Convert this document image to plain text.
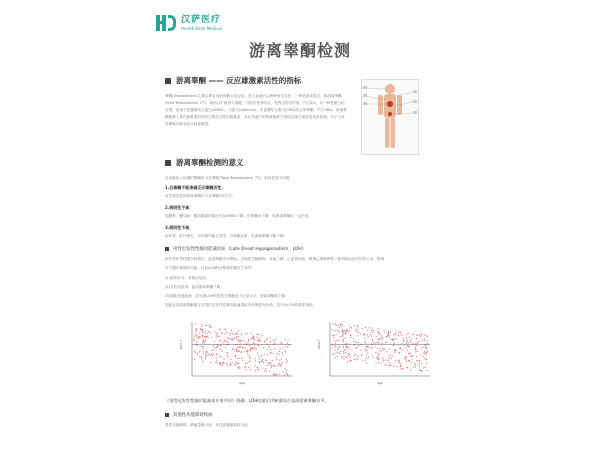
汉萨医疗
Health Bank Medical
游离睾酮检测
游离睾酮 —— 反应雄激素活性的指标
睾酮(Testosterone)主要由睾丸间质细胞合成分泌，进入血液后以两种形式存在：一种是游离形式，即游离睾酮(Free Testosterone, FT)，氧结合扩散进入细胞，与相应受体结合，发挥生物学作用，约占2%，另一种是蛋白结合型，包括与性激素结合蛋白(SHBG)、白蛋白(albumin)、皮质醇结合蛋白(CBG)结合的睾酮，约占98%。游离睾酮能够入体内最重要的具有生物学活性的雄激素，其在体液中的浓度能够不受结合蛋白浓度变化的影响，对于人体性腺轴功能变化反映更敏感。
游离睾酮检测的意义
目前临床上检测的睾酮多为总睾酮(Total Testosterone, TT)，但存在如下问题：
1.总睾酮不能准确反应睾酮活性；
有生物活性的游离睾酮仅占总睾酮2%左右；
2.假阴性不高：
如肥胖、糖尿病、服用激素的情况引起SHBG下降，总睾酮可下降，但游离睾酮可一定正常；
3.假阴性不高：
如年老，肝纤维化，甲状腺功能亢进等，总睾酮正常，但游离睾酮可能下降；
男性迟发性性腺功能减退症（Late Onset Hypogonadism，LOH）
指中老年男性随年龄增长，血清睾酮水平降低，出现性功能障碍、体能下降、心血管疾病、精神心理障碍等一系列临床症状的综合征，影响
多个器官系统的功能。目前LOH的诊断需依据以下条件：
(1)症状评分：有相应症状；
(2)实验室检查：血清游离睾酮下降；
(3)排除其他疾病：部分患LOH的男性总睾酮处于正常水平，游离睾酮却下降；
因此血清游离睾酮测定对男性迟发性性腺功能减退症的诊断很有价值，是评价LOH的重要指标。
Age
Free T
Age
Total T
《男性迟发性性腺功能减退专家共识》明确：LOH的最后诊断需结合血清游离睾酮水平。
其他性功能障碍疾病
男性功能障碍、精液量减少症、女性高雄激素综合症
